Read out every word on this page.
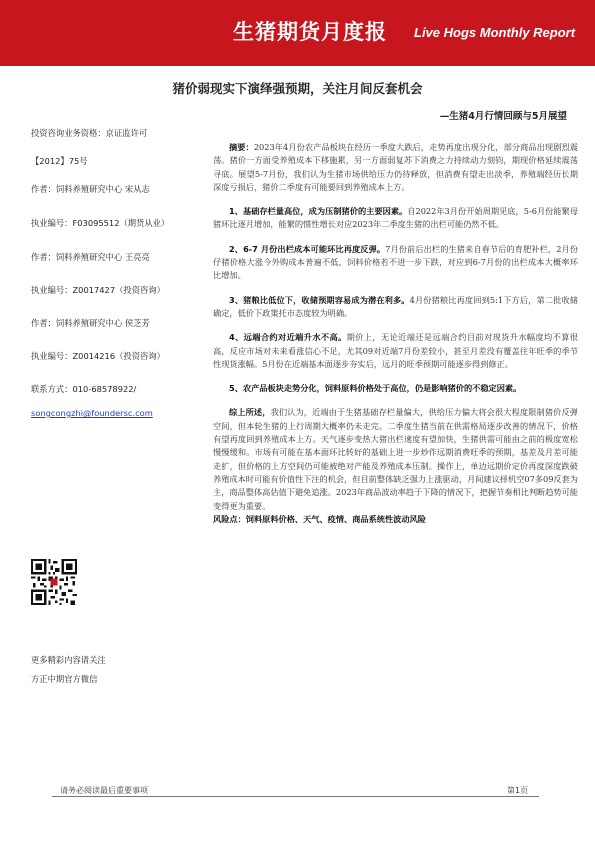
生猪期货月度报 Live Hogs Monthly Report
猪价弱现实下演绎强预期，关注月间反套机会
—生猪4月行情回顾与5月展望
投资咨询业务资格：京证监许可
【2012】75号
作者：饲料养殖研究中心 宋从志
执业编号：F03095512（期货从业）
作者：饲料养殖研究中心 王亮亮
执业编号：Z0017427（投资咨询）
作者：饲料养殖研究中心 侯芝芳
执业编号：Z0014216（投资咨询）
联系方式：010-68578922/
songcongzhi@foundersc.com
更多精彩内容请关注
方正中期官方微信

摘要：2023年4月份农产品板块在经历一季度大跌后，走势再度出现分化，部分商品出现剧烈震荡。猪价一方面受养殖成本下移施累，另一方面弱复苏下消费之力持续动力刻钧，期现价格延续震荡寻底。展望5-7月份，我们认为生猪市场供给压力仍待释放，但消费有望走出淡季，养殖端经历长期深度亏损后，猪价二季度有可能要回到养殖成本上方。

1、基础存栏量高位，成为压制猪价的主要因素。自2022年3月份开始周期见底，5-6月份能繁母猪环比逐月增加，能繁的惯性增长对应2023年二季度生猪的出栏可能仍然不低。

2、6-7 月份出栏成本可能环比再度反弹。7月份前后出栏的生猪来自春节后的育肥补栏，2月份仔猪价格大涨今外购成本普遍不低，饲料价格若不进一步下跌，对应到6-7月份的出栏成本大概率环比增加。

3、猪粮比低位下，收储预期容易成为潜在利多。4月份猪粮比再度回到5:1下方后，第二批收储确定，低价下政策托市态度较为明确。

4、远端合约对近端升水不高。期价上，无论近端还是远端合约目前对现货升水幅度均不算很高，反应市场对未来看涨信心不足，尤其09对近端7月份差较小，甚至月差没有覆盖往年旺季的季节性现货涨幅。5月份在近端基本面逐步夯实后，远月的旺季预期可能逐步得到修正。

5、农产品板块走势分化，饲料原料价格处于高位，仍是影响猪价的不稳定因素。

综上所述，我们认为，近端由于生猪基础存栏量偏大，供给压力偏大将会很大程度限制猪价反弹空间，但本轮生猪的上行周期大概率仍未走完。二季度生猪当前在供需格局逐步改善的情况下，价格有望再度回到养殖成本上方。天气逐步变热大猪出栏速度有望加快，生猪供需可能由之前的极度宽松慢慢缓和。市场有可能在基本面环比转好的基础上进一步炒作远期消费旺季的预期，基差及月差可能走扩，但价格的上方空间仍可能被绝对产能及养殖成本压制。操作上，单边远期价定价再度深度跌破养殖成本时可能有价值性下注的机会，但目前整体缺乏强力上涨驱动，月间建议择机空07多09反套为主，商品整体高估值下避免追涨。2023年商品波动率趋于下降的情况下，把握节奏相比判断趋势可能变得更为重要。

风险点：饲料原料价格、天气、疫情、商品系统性波动风险

请务必阅读最后重要事项	第1页
